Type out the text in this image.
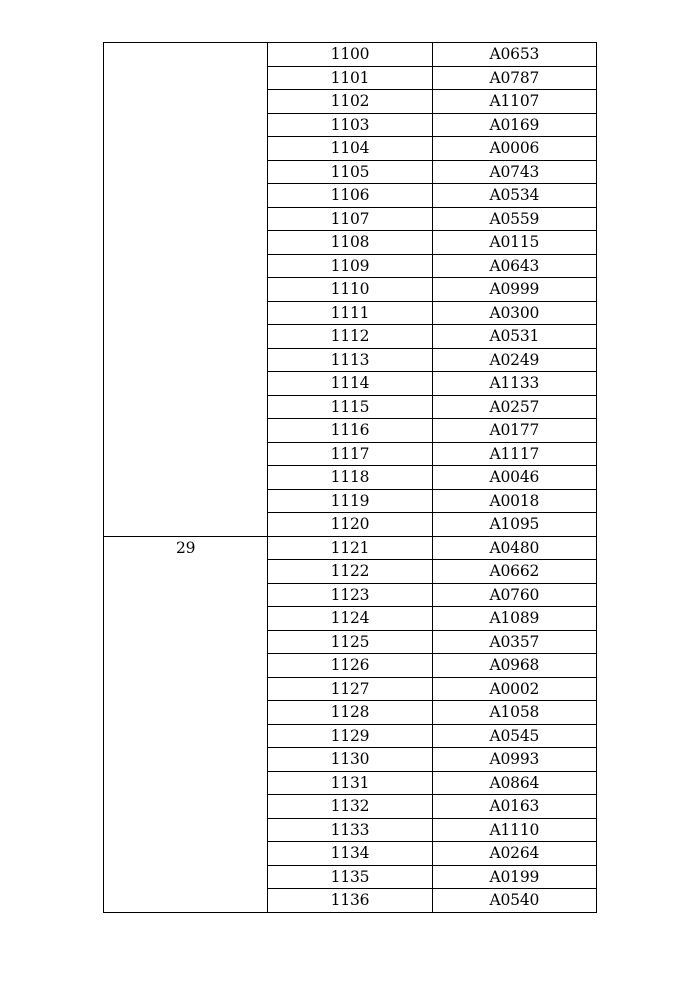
	1100	A0653
	1101	A0787
	1102	A1107
	1103	A0169
	1104	A0006
	1105	A0743
	1106	A0534
	1107	A0559
	1108	A0115
	1109	A0643
	1110	A0999
	1111	A0300
	1112	A0531
	1113	A0249
	1114	A1133
	1115	A0257
	1116	A0177
	1117	A1117
	1118	A0046
	1119	A0018
	1120	A1095
29	1121	A0480
	1122	A0662
	1123	A0760
	1124	A1089
	1125	A0357
	1126	A0968
	1127	A0002
	1128	A1058
	1129	A0545
	1130	A0993
	1131	A0864
	1132	A0163
	1133	A1110
	1134	A0264
	1135	A0199
	1136	A0540
